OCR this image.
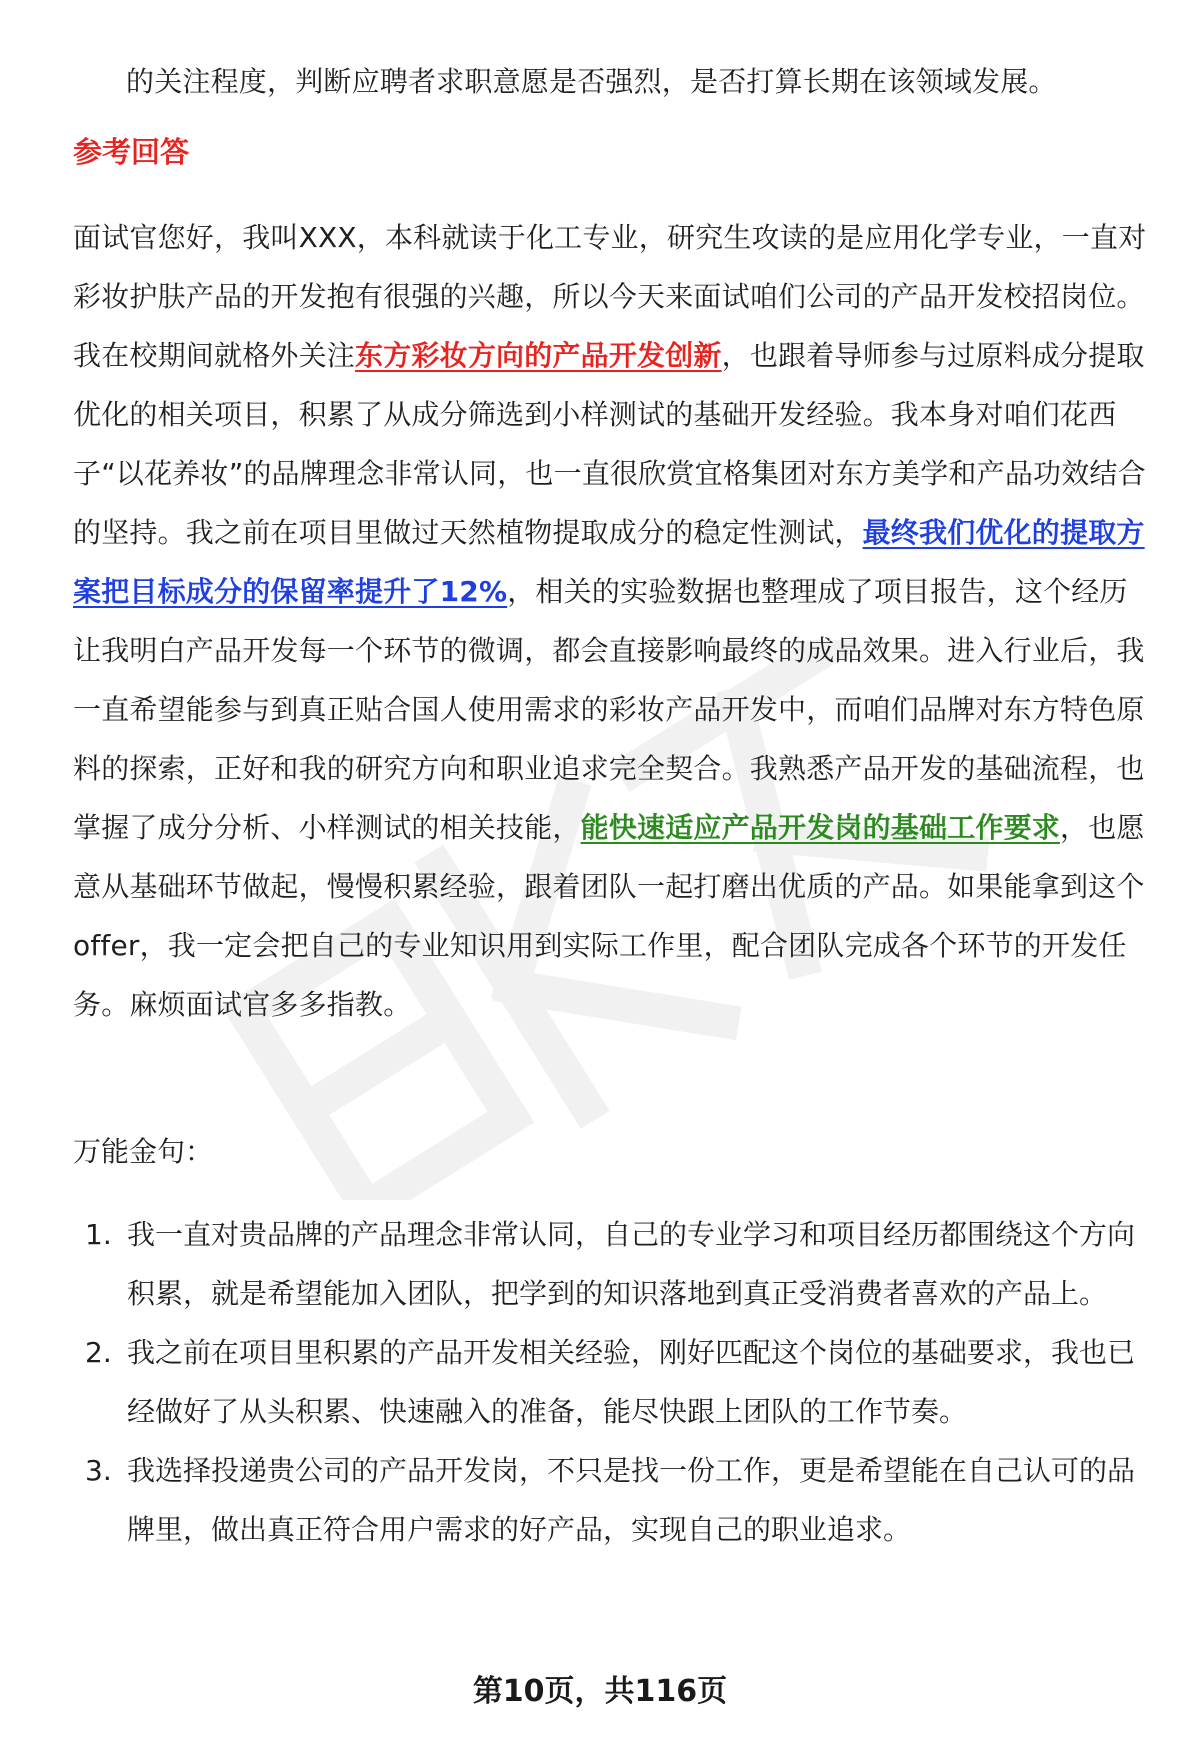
的关注程度，判断应聘者求职意愿是否强烈，是否打算长期在该领域发展。
参考回答
面试官您好，我叫XXX，本科就读于化工专业，研究生攻读的是应用化学专业，一直对彩妆护肤产品的开发抱有很强的兴趣，所以今天来面试咱们公司的产品开发校招岗位。我在校期间就格外关注东方彩妆方向的产品开发创新，也跟着导师参与过原料成分提取优化的相关项目，积累了从成分筛选到小样测试的基础开发经验。我本身对咱们花西子“以花养妆”的品牌理念非常认同，也一直很欣赏宜格集团对东方美学和产品功效结合的坚持。我之前在项目里做过天然植物提取成分的稳定性测试，最终我们优化的提取方案把目标成分的保留率提升了12%，相关的实验数据也整理成了项目报告，这个经历让我明白产品开发每一个环节的微调，都会直接影响最终的成品效果。进入行业后，我一直希望能参与到真正贴合国人使用需求的彩妆产品开发中，而咱们品牌对东方特色原料的探索，正好和我的研究方向和职业追求完全契合。我熟悉产品开发的基础流程，也掌握了成分分析、小样测试的相关技能，能快速适应产品开发岗的基础工作要求，也愿意从基础环节做起，慢慢积累经验，跟着团队一起打磨出优质的产品。如果能拿到这个offer，我一定会把自己的专业知识用到实际工作里，配合团队完成各个环节的开发任务。麻烦面试官多多指教。
万能金句：
1. 我一直对贵品牌的产品理念非常认同，自己的专业学习和项目经历都围绕这个方向积累，就是希望能加入团队，把学到的知识落地到真正受消费者喜欢的产品上。
2. 我之前在项目里积累的产品开发相关经验，刚好匹配这个岗位的基础要求，我也已经做好了从头积累、快速融入的准备，能尽快跟上团队的工作节奏。
3. 我选择投递贵公司的产品开发岗，不只是找一份工作，更是希望能在自己认可的品牌里，做出真正符合用户需求的好产品，实现自己的职业追求。
第10页，共116页
